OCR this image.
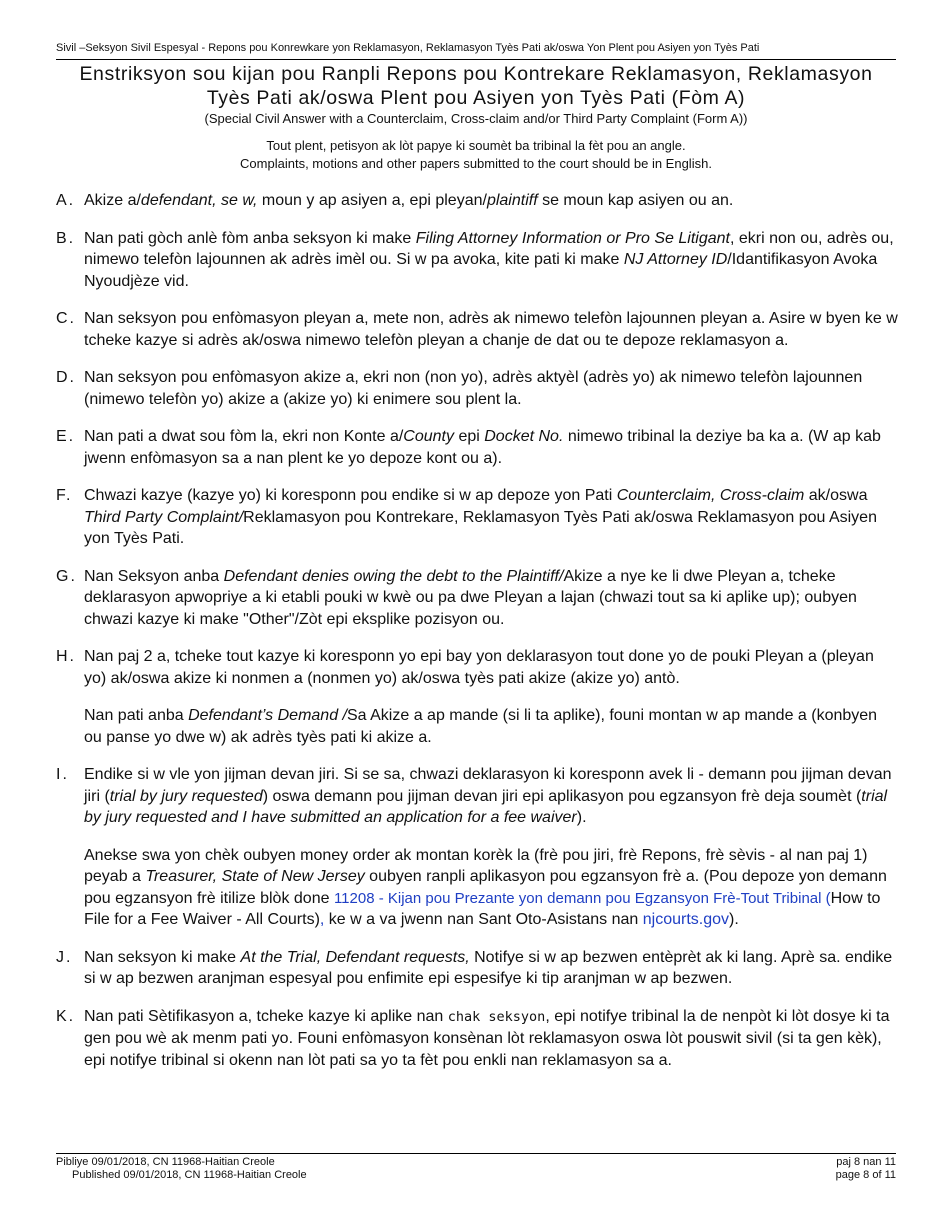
Sivil –Seksyon Sivil Espesyal - Repons pou Konrewkare yon Reklamasyon, Reklamasyon Tyès Pati ak/oswa Yon Plent pou Asiyen yon Tyès Pati
Enstriksyon sou kijan pou Ranpli Repons pou Kontrekare Reklamasyon, Reklamasyon
Tyès Pati ak/oswa Plent pou Asiyen yon Tyès Pati (Fòm A)
(Special Civil Answer with a Counterclaim, Cross-claim and/or Third Party Complaint (Form A))
Tout plent, petisyon ak lòt papye ki soumèt ba tribinal la fèt pou an angle.
Complaints, motions and other papers submitted to the court should be in English.
A. Akize a/defendant, se w, moun y ap asiyen a, epi pleyan/plaintiff se moun kap asiyen ou an.

B. Nan pati gòch anlè fòm anba seksyon ki make Filing Attorney Information or Pro Se Litigant, ekri non ou, adrès ou, nimewo telefòn lajounnen ak adrès imèl ou. Si w pa avoka, kite pati ki make NJ Attorney ID/Idantifikasyon Avoka Nyoudjèze vid.

C. Nan seksyon pou enfòmasyon pleyan a, mete non, adrès ak nimewo telefòn lajounnen pleyan a. Asire w byen ke w tcheke kazye si adrès ak/oswa nimewo telefòn pleyan a chanje de dat ou te depoze reklamasyon a.

D. Nan seksyon pou enfòmasyon akize a, ekri non (non yo), adrès aktyèl (adrès yo) ak nimewo telefòn lajounnen (nimewo telefòn yo) akize a (akize yo) ki enimere sou plent la.

E. Nan pati a dwat sou fòm la, ekri non Konte a/County epi Docket No. nimewo tribinal la deziye ba ka a. (W ap kab jwenn enfòmasyon sa a nan plent ke yo depoze kont ou a).

F. Chwazi kazye (kazye yo) ki koresponn pou endike si w ap depoze yon Pati Counterclaim, Cross-claim ak/oswa Third Party Complaint/Reklamasyon pou Kontrekare, Reklamasyon Tyès Pati ak/oswa Reklamasyon pou Asiyen yon Tyès Pati.

G. Nan Seksyon anba Defendant denies owing the debt to the Plaintiff/Akize a nye ke li dwe Pleyan a, tcheke deklarasyon apwopriye a ki etabli pouki w kwè ou pa dwe Pleyan a lajan (chwazi tout sa ki aplike up); oubyen chwazi kazye ki make "Other"/Zòt epi eksplike pozisyon ou.

H. Nan paj 2 a, tcheke tout kazye ki koresponn yo epi bay yon deklarasyon tout done yo de pouki Pleyan a (pleyan yo) ak/oswa akize ki nonmen a (nonmen yo) ak/oswa tyès pati akize (akize yo) antò.

Nan pati anba Defendant’s Demand /Sa Akize a ap mande (si li ta aplike), founi montan w ap mande a (konbyen ou panse yo dwe w) ak adrès tyès pati ki akize a.

I. Endike si w vle yon jijman devan jiri. Si se sa, chwazi deklarasyon ki koresponn avek li - demann pou jijman devan jiri (trial by jury requested) oswa demann pou jijman devan jiri epi aplikasyon pou egzansyon frè deja soumèt (trial by jury requested and I have submitted an application for a fee waiver).

Anekse swa yon chèk oubyen money order ak montan korèk la (frè pou jiri, frè Repons, frè sèvis - al nan paj 1) peyab a Treasurer, State of New Jersey oubyen ranpli aplikasyon pou egzansyon frè a. (Pou depoze yon demann pou egzansyon frè itilize blòk done 11208 - Kijan pou Prezante yon demann pou Egzansyon Frè-Tout Tribinal (How to File for a Fee Waiver - All Courts), ke w a va jwenn nan Sant Oto-Asistans nan njcourts.gov).

J. Nan seksyon ki make At the Trial, Defendant requests, Notifye si w ap bezwen entèprèt ak ki lang. Aprè sa. endike si w ap bezwen aranjman espesyal pou enfimite epi espesifye ki tip aranjman w ap bezwen.

K. Nan pati Sètifikasyon a, tcheke kazye ki aplike nan chak seksyon, epi notifye tribinal la de nenpòt ki lòt dosye ki ta gen pou wè ak menm pati yo. Founi enfòmasyon konsènan lòt reklamasyon oswa lòt pouswit sivil (si ta gen kèk), epi notifye tribinal si okenn nan lòt pati sa yo ta fèt pou enkli nan reklamasyon sa a.

Pibliye 09/01/2018, CN 11968-Haitian Creole
Published 09/01/2018, CN 11968-Haitian Creole
paj 8 nan 11
page 8 of 11
